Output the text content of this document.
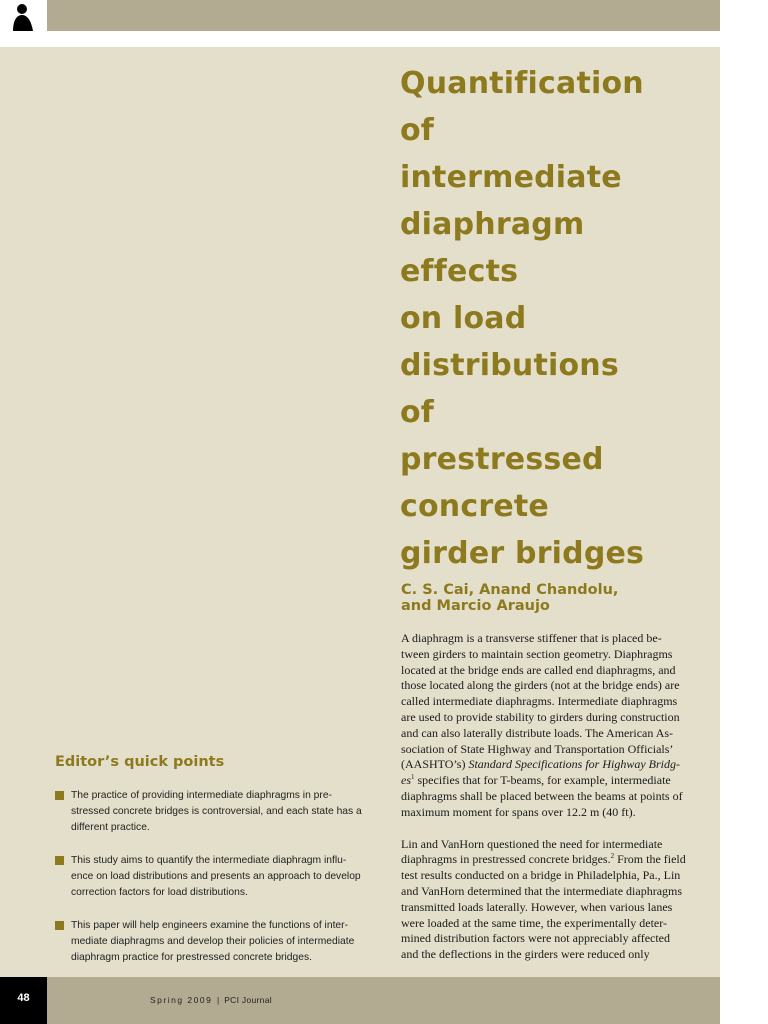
Quantification
of
intermediate
diaphragm
effects
on load
distributions
of
prestressed
concrete
girder bridges
C. S. Cai, Anand Chandolu,
and Marcio Araujo
A diaphragm is a transverse stiffener that is placed be-
tween girders to maintain section geometry. Diaphragms
located at the bridge ends are called end diaphragms, and
those located along the girders (not at the bridge ends) are
called intermediate diaphragms. Intermediate diaphragms
are used to provide stability to girders during construction
and can also laterally distribute loads. The American As-
sociation of State Highway and Transportation Officials’
(AASHTO’s) Standard Specifications for Highway Bridg-
$es^1$ specifies that for T-beams, for example, intermediate
diaphragms shall be placed between the beams at points of
maximum moment for spans over 12.2 m (40 ft).
Lin and VanHorn questioned the need for intermediate
diaphragms in prestressed concrete bridges.$^2$ From the field
test results conducted on a bridge in Philadelphia, Pa., Lin
and VanHorn determined that the intermediate diaphragms
transmitted loads laterally. However, when various lanes
were loaded at the same time, the experimentally deter-
mined distribution factors were not appreciably affected
and the deflections in the girders were reduced only
Editor’s quick points
The practice of providing intermediate diaphragms in pre-
stressed concrete bridges is controversial, and each state has a
different practice.
This study aims to quantify the intermediate diaphragm influ-
ence on load distributions and presents an approach to develop
correction factors for load distributions.
This paper will help engineers examine the functions of inter-
mediate diaphragms and develop their policies of intermediate
diaphragm practice for prestressed concrete bridges.
48	Spring 2009 | PCI Journal
